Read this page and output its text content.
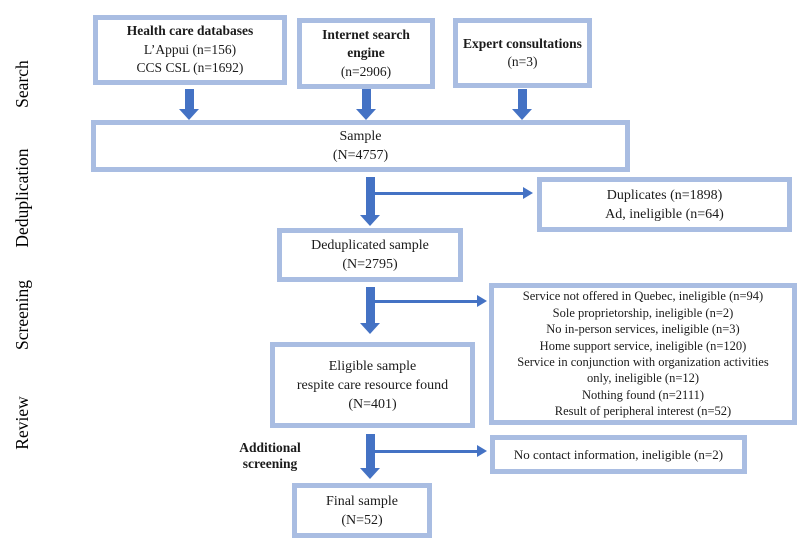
Search
Deduplication
Screening
Review
Health care databases
L’Appui (n=156)
CCS CSL (n=1692)
Internet search engine
(n=2906)
Expert consultations
(n=3)
Sample
(N=4757)
Duplicates (n=1898)
Ad, ineligible (n=64)
Deduplicated sample
(N=2795)
Service not offered in Quebec, ineligible (n=94)
Sole proprietorship, ineligible (n=2)
No in-person services, ineligible (n=3)
Home support service, ineligible (n=120)
Service in conjunction with organization activities
only, ineligible (n=12)
Nothing found (n=2111)
Result of peripheral interest (n=52)
Eligible sample
respite care resource found
(N=401)
Additional
screening
No contact information, ineligible (n=2)
Final sample
(N=52)
